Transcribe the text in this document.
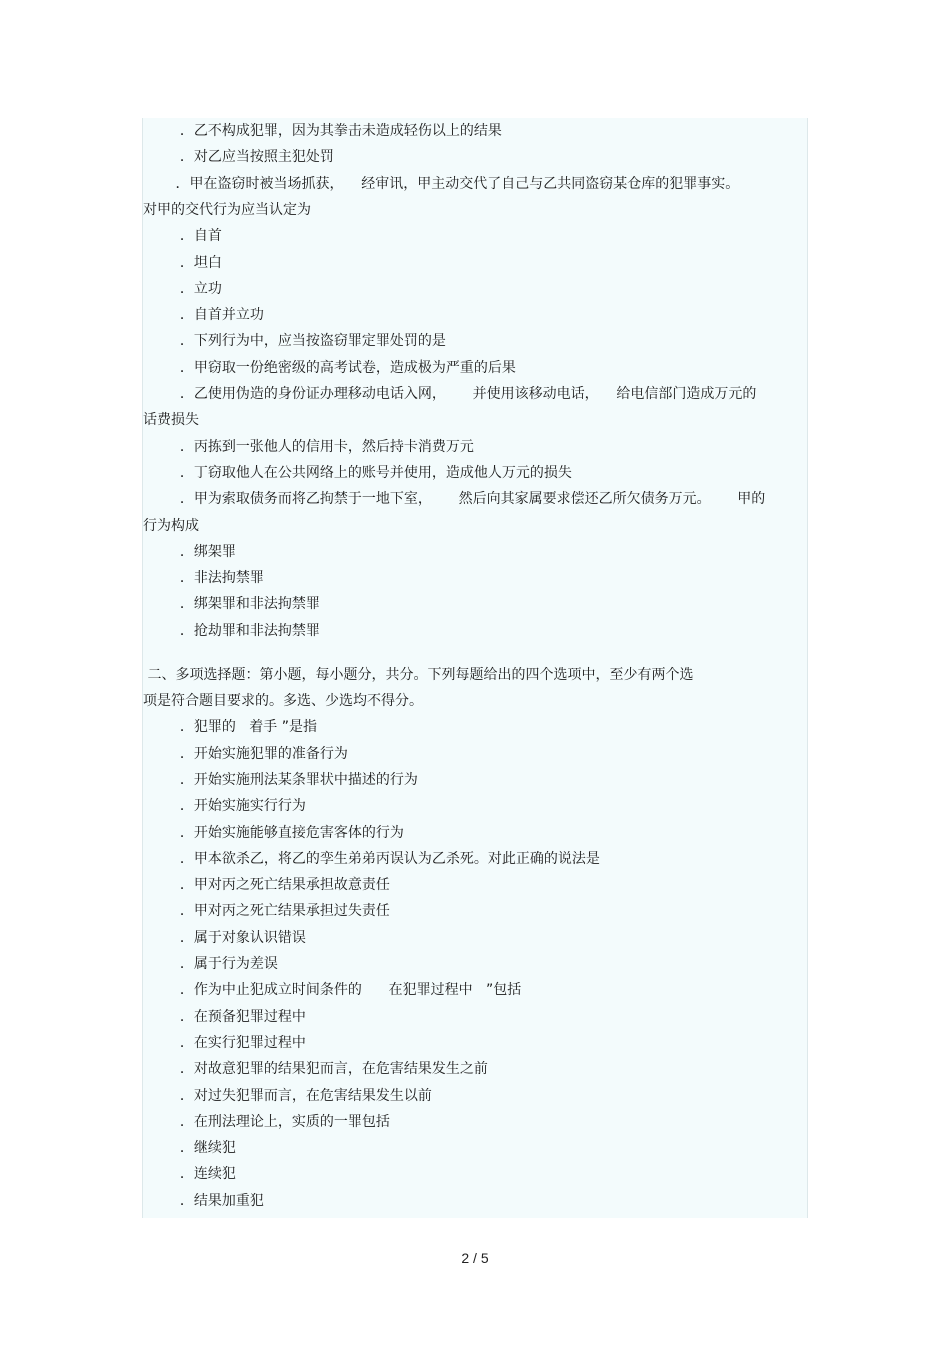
．乙不构成犯罪，因为其拳击未造成轻伤以上的结果
．对乙应当按照主犯处罚
．甲在盗窃时被当场抓获，    经审讯，甲主动交代了自己与乙共同盗窃某仓库的犯罪事实。
对甲的交代行为应当认定为
．自首
．坦白
．立功
．自首并立功
．下列行为中，应当按盗窃罪定罪处罚的是
．甲窃取一份绝密级的高考试卷，造成极为严重的后果
．乙使用伪造的身份证办理移动电话入网，      并使用该移动电话，    给电信部门造成万元的
话费损失
．丙拣到一张他人的信用卡，然后持卡消费万元
．丁窃取他人在公共网络上的账号并使用，造成他人万元的损失
．甲为索取债务而将乙拘禁于一地下室，      然后向其家属要求偿还乙所欠债务万元。      甲的
行为构成
．绑架罪
．非法拘禁罪
．绑架罪和非法拘禁罪
．抢劫罪和非法拘禁罪
二、多项选择题：第小题，每小题分，共分。下列每题给出的四个选项中，至少有两个选
项是符合题目要求的。多选、少选均不得分。
．犯罪的   着手 ”是指
．开始实施犯罪的准备行为
．开始实施刑法某条罪状中描述的行为
．开始实施实行行为
．开始实施能够直接危害客体的行为
．甲本欲杀乙，将乙的孪生弟弟丙误认为乙杀死。对此正确的说法是
．甲对丙之死亡结果承担故意责任
．甲对丙之死亡结果承担过失责任
．属于对象认识错误
．属于行为差误
．作为中止犯成立时间条件的      在犯罪过程中   ”包括
．在预备犯罪过程中
．在实行犯罪过程中
．对故意犯罪的结果犯而言，在危害结果发生之前
．对过失犯罪而言，在危害结果发生以前
．在刑法理论上，实质的一罪包括
．继续犯
．连续犯
．结果加重犯
2 / 5
